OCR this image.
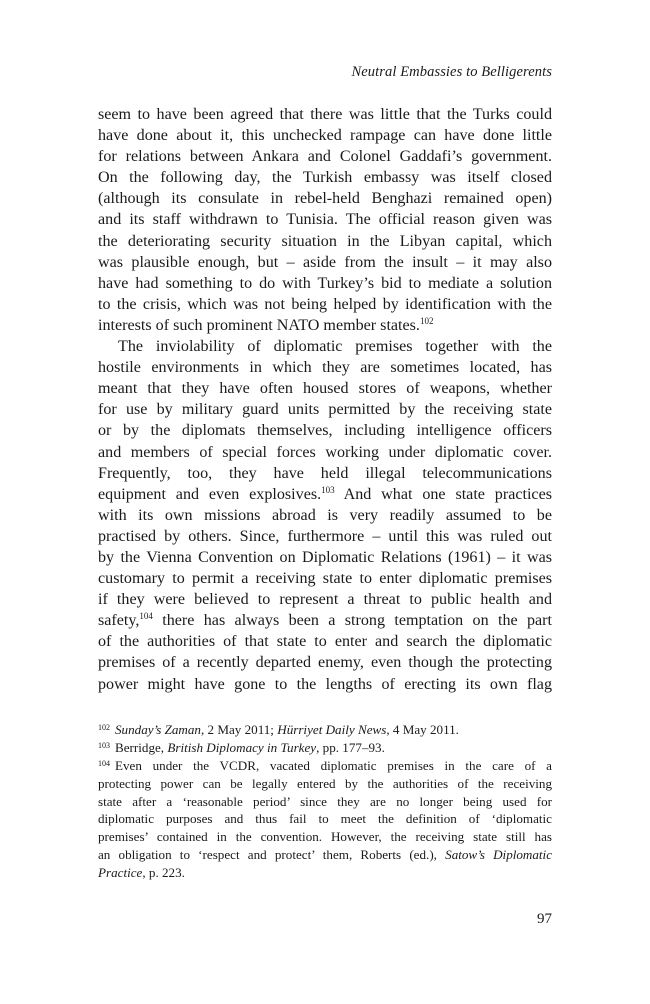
Neutral Embassies to Belligerents
seem to have been agreed that there was little that the Turks could
have done about it, this unchecked rampage can have done little
for relations between Ankara and Colonel Gaddafi’s government.
On the following day, the Turkish embassy was itself closed
(although its consulate in rebel-held Benghazi remained open)
and its staff withdrawn to Tunisia. The official reason given was
the deteriorating security situation in the Libyan capital, which
was plausible enough, but – aside from the insult – it may also
have had something to do with Turkey’s bid to mediate a solution
to the crisis, which was not being helped by identification with the
interests of such prominent NATO member states.$^{102}$
The inviolability of diplomatic premises together with the
hostile environments in which they are sometimes located, has
meant that they have often housed stores of weapons, whether
for use by military guard units permitted by the receiving state
or by the diplomats themselves, including intelligence officers
and members of special forces working under diplomatic cover.
Frequently, too, they have held illegal telecommunications
equipment and even explosives.$^{103}$ And what one state practices
with its own missions abroad is very readily assumed to be
practised by others. Since, furthermore – until this was ruled out
by the Vienna Convention on Diplomatic Relations (1961) – it was
customary to permit a receiving state to enter diplomatic premises
if they were believed to represent a threat to public health and
safety,$^{104}$ there has always been a strong temptation on the part
of the authorities of that state to enter and search the diplomatic
premises of a recently departed enemy, even though the protecting
power might have gone to the lengths of erecting its own flag
$^{102}$ Sunday’s Zaman, 2 May 2011; Hürriyet Daily News, 4 May 2011.
$^{103}$ Berridge, British Diplomacy in Turkey, pp. 177–93.
$^{104}$ Even under the VCDR, vacated diplomatic premises in the care of a
protecting power can be legally entered by the authorities of the receiving
state after a ‘reasonable period’ since they are no longer being used for
diplomatic purposes and thus fail to meet the definition of ‘diplomatic
premises’ contained in the convention. However, the receiving state still has
an obligation to ‘respect and protect’ them, Roberts (ed.), Satow’s Diplomatic
Practice, p. 223.
97
